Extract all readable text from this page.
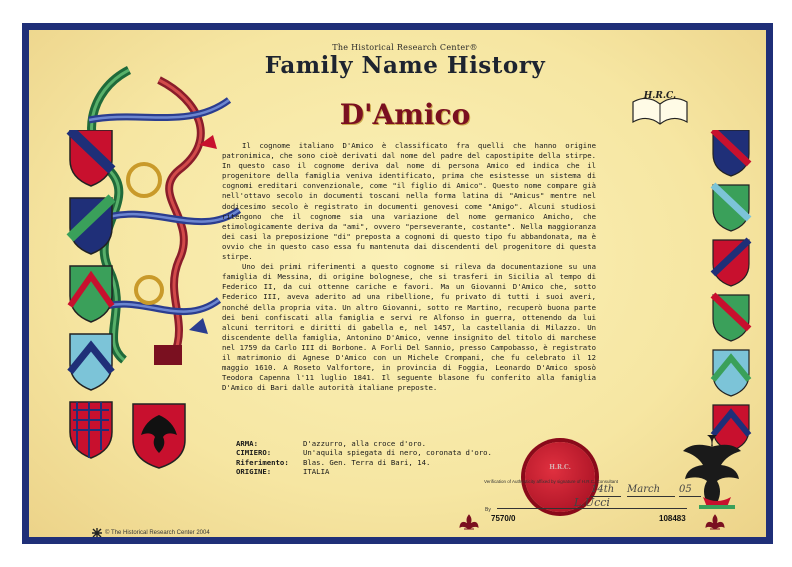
H.R.C.
The Historical Research Center®
Family Name History
D'Amico

Il cognome italiano D'Amico è classificato fra quelli che hanno origine patronimica, che sono cioè derivati dal nome del padre del capostipite della stirpe. In questo caso il cognome deriva dal nome di persona Amico ed indica che il progenitore della famiglia veniva identificato, prima che esistesse un sistema di cognomi ereditari convenzionale, come "il figlio di Amico". Questo nome compare già nell'ottavo secolo in documenti toscani nella forma latina di "Amicus" mentre nel dodicesimo secolo è registrato in documenti genovesi come "Amigo". Alcuni studiosi ritengono che il cognome sia una variazione del nome germanico Amicho, che etimologicamente deriva da "ami", ovvero "perseverante, costante". Nella maggioranza dei casi la preposizione "di" preposta a cognomi di questo tipo fu abbandonata, ma è ovvio che in questo caso essa fu mantenuta dai discendenti del progenitore di questa stirpe.

Uno dei primi riferimenti a questo cognome si rileva da documentazione su una famiglia di Messina, di origine bolognese, che si trasferi in Sicilia al tempo di Federico II, da cui ottenne cariche e favori. Ma un Giovanni D'Amico che, sotto Federico III, aveva aderito ad una ribellione, fu privato di tutti i suoi averi, nonché della propria vita. Un altro Giovanni, sotto re Martino, recuperò buona parte dei beni confiscati alla famiglia e servi re Alfonso in guerra, ottenendo da lui alcuni territori e diritti di gabella e, nel 1457, la castellania di Milazzo. Un discendente della famiglia, Antonino D'Amico, venne insignito del titolo di marchese nel 1759 da Carlo III di Borbone. A Forli Del Sannio, presso Campobasso, è registrato il matrimonio di Agnese D'Amico con un Michele Crompani, che fu celebrato il 12 maggio 1610. A Roseto Valfortore, in provincia di Foggia, Leonardo D'Amico sposò Teodora Capenna l'11 luglio 1841. Il seguente blasone fu conferito alla famiglia D'Amico di Bari dalle autorità italiane preposte.

ARMA:	D'azzurro, alla croce d'oro.
CIMIERO:	Un'aquila spiegata di nero, coronata d'oro.
Riferimento:	Blas. Gen. Terra di Bari, 14.
ORIGINE:	ITALIA	H.R.C.
Verification of Authenticity affixed by signature of H.R.C. Consultant
14th	March	05
By
L.Ucci
7570/0	108483
© The Historical Research Center 2004
